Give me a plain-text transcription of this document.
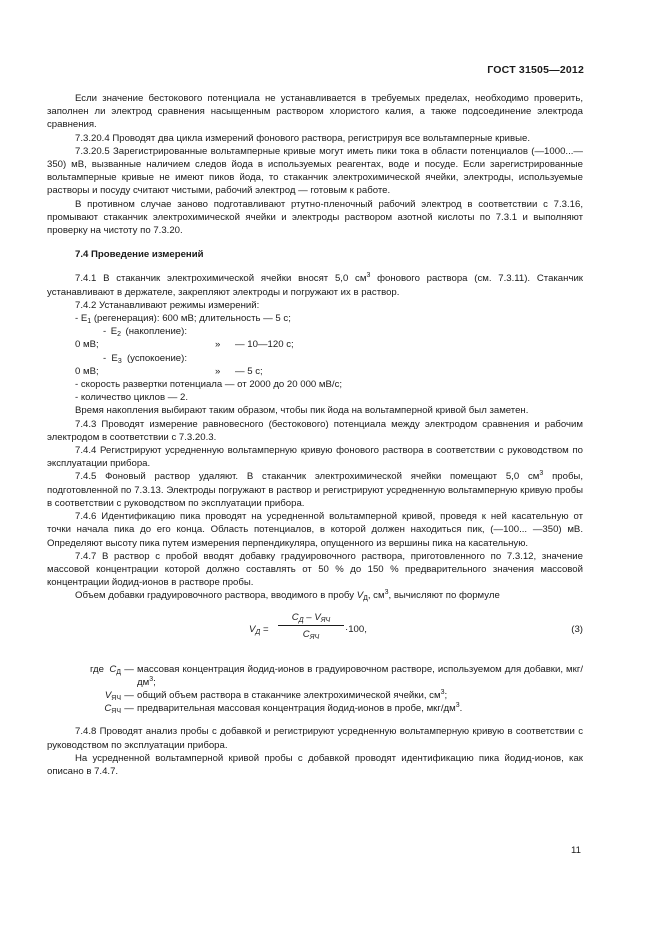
ГОСТ 31505—2012

Если значение бестокового потенциала не устанавливается в требуемых пределах, необходимо проверить, заполнен ли электрод сравнения насыщенным раствором хлористого калия, а также подсоединение электрода сравнения.

7.3.20.4 Проводят два цикла измерений фонового раствора, регистрируя все вольтамперные кривые.

7.3.20.5 Зарегистрированные вольтамперные кривые могут иметь пики тока в области потенциалов (—1000...—350) мВ, вызванные наличием следов йода в используемых реагентах, воде и посуде. Если зарегистрированные вольтамперные кривые не имеют пиков йода, то стаканчик электрохимической ячейки, электроды, используемые растворы и посуду считают чистыми, рабочий электрод — готовым к работе.

В противном случае заново подготавливают ртутно-пленочный рабочий электрод в соответствии с 7.3.16, промывают стаканчик электрохимической ячейки и электроды раствором азотной кислоты по 7.3.1 и выполняют проверку на чистоту по 7.3.20.

7.4 Проведение измерений

7.4.1 В стаканчик электрохимической ячейки вносят 5,0 $см^3$ фонового раствора (см. 7.3.11). Стаканчик устанавливают в держателе, закрепляют электроды и погружают их в раствор.

7.4.2 Устанавливают режимы измерений:

- $Е_1$ (регенерация): 600 мВ; длительность — 5 с;

- $Е_2$ (накопление): 0 мВ;	» — 10—120 с;

- $Е_3$ (успокоение): 0 мВ;	» — 5 с;

- скорость развертки потенциала — от 2000 до 20 000 мВ/с;

- количество циклов — 2.

Время накопления выбирают таким образом, чтобы пик йода на вольтамперной кривой был заметен.

7.4.3 Проводят измерение равновесного (бестокового) потенциала между электродом сравнения и рабочим электродом в соответствии с 7.3.20.3.

7.4.4 Регистрируют усредненную вольтамперную кривую фонового раствора в соответствии с руководством по эксплуатации прибора.

7.4.5 Фоновый раствор удаляют. В стаканчик электрохимической ячейки помещают 5,0 $см^3$ пробы, подготовленной по 7.3.13. Электроды погружают в раствор и регистрируют усредненную вольтамперную кривую пробы в соответствии с руководством по эксплуатации прибора.

7.4.6 Идентификацию пика проводят на усредненной вольтамперной кривой, проведя к ней касательную от точки начала пика до его конца. Область потенциалов, в которой должен находиться пик, (—100... —350) мВ. Определяют высоту пика путем измерения перпендикуляра, опущенного из вершины пика на касательную.

7.4.7 В раствор с пробой вводят добавку градуировочного раствора, приготовленного по 7.3.12, значение массовой концентрации которой должно составлять от 50 % до 150 % предварительного значения массовой концентрации йодид-ионов в растворе пробы.

Объем добавки градуировочного раствора, вводимого в пробу $V_Д$, $см^3$, вычисляют по формуле

$V_Д$ =
$C_Д - V_{ЯЧ}$
$C_{ЯЧ}$
·100,	(3)
где $C_Д$ — массовая концентрация йодид-ионов в градуировочном растворе, используемом для добавки, мкг/$дм^3$;
$V_{ЯЧ}$ — общий объем раствора в стаканчике электрохимической ячейки, $см^3$;
$C_{ЯЧ}$ — предварительная массовая концентрация йодид-ионов в пробе, мкг/$дм^3$.

7.4.8 Проводят анализ пробы с добавкой и регистрируют усредненную вольтамперную кривую в соответствии с руководством по эксплуатации прибора.

На усредненной вольтамперной кривой пробы с добавкой проводят идентификацию пика йодид-ионов, как описано в 7.4.7.

11
